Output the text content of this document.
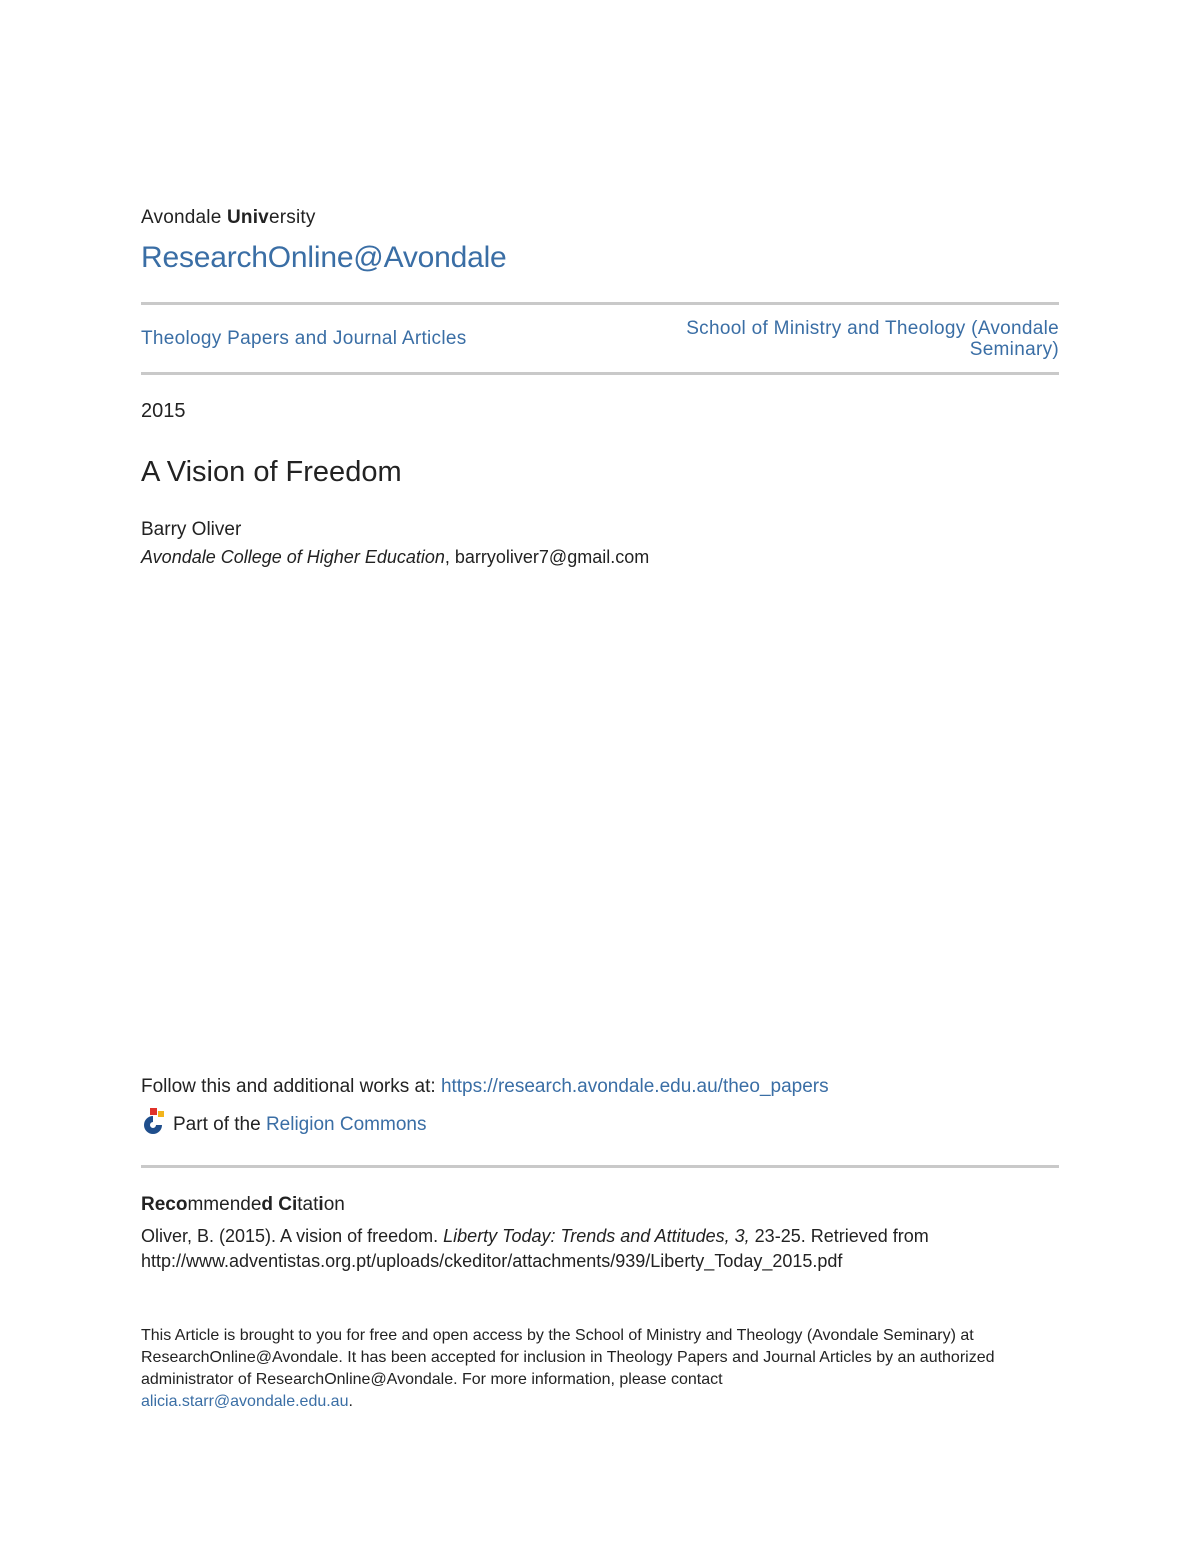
Avondale University
ResearchOnline@Avondale
Theology Papers and Journal Articles	School of Ministry and Theology (Avondale
Seminary)
2015
A Vision of Freedom
Barry Oliver
Avondale College of Higher Education, barryoliver7@gmail.com
Follow this and additional works at: https://research.avondale.edu.au/theo_papers
Part of the Religion Commons
Recommended Citation
Oliver, B. (2015). A vision of freedom. Liberty Today: Trends and Attitudes, 3, 23-25. Retrieved from
http://www.adventistas.org.pt/uploads/ckeditor/attachments/939/Liberty_Today_2015.pdf
This Article is brought to you for free and open access by the School of Ministry and Theology (Avondale Seminary) at ResearchOnline@Avondale. It has been accepted for inclusion in Theology Papers and Journal Articles by an authorized administrator of ResearchOnline@Avondale. For more information, please contact
alicia.starr@avondale.edu.au.
